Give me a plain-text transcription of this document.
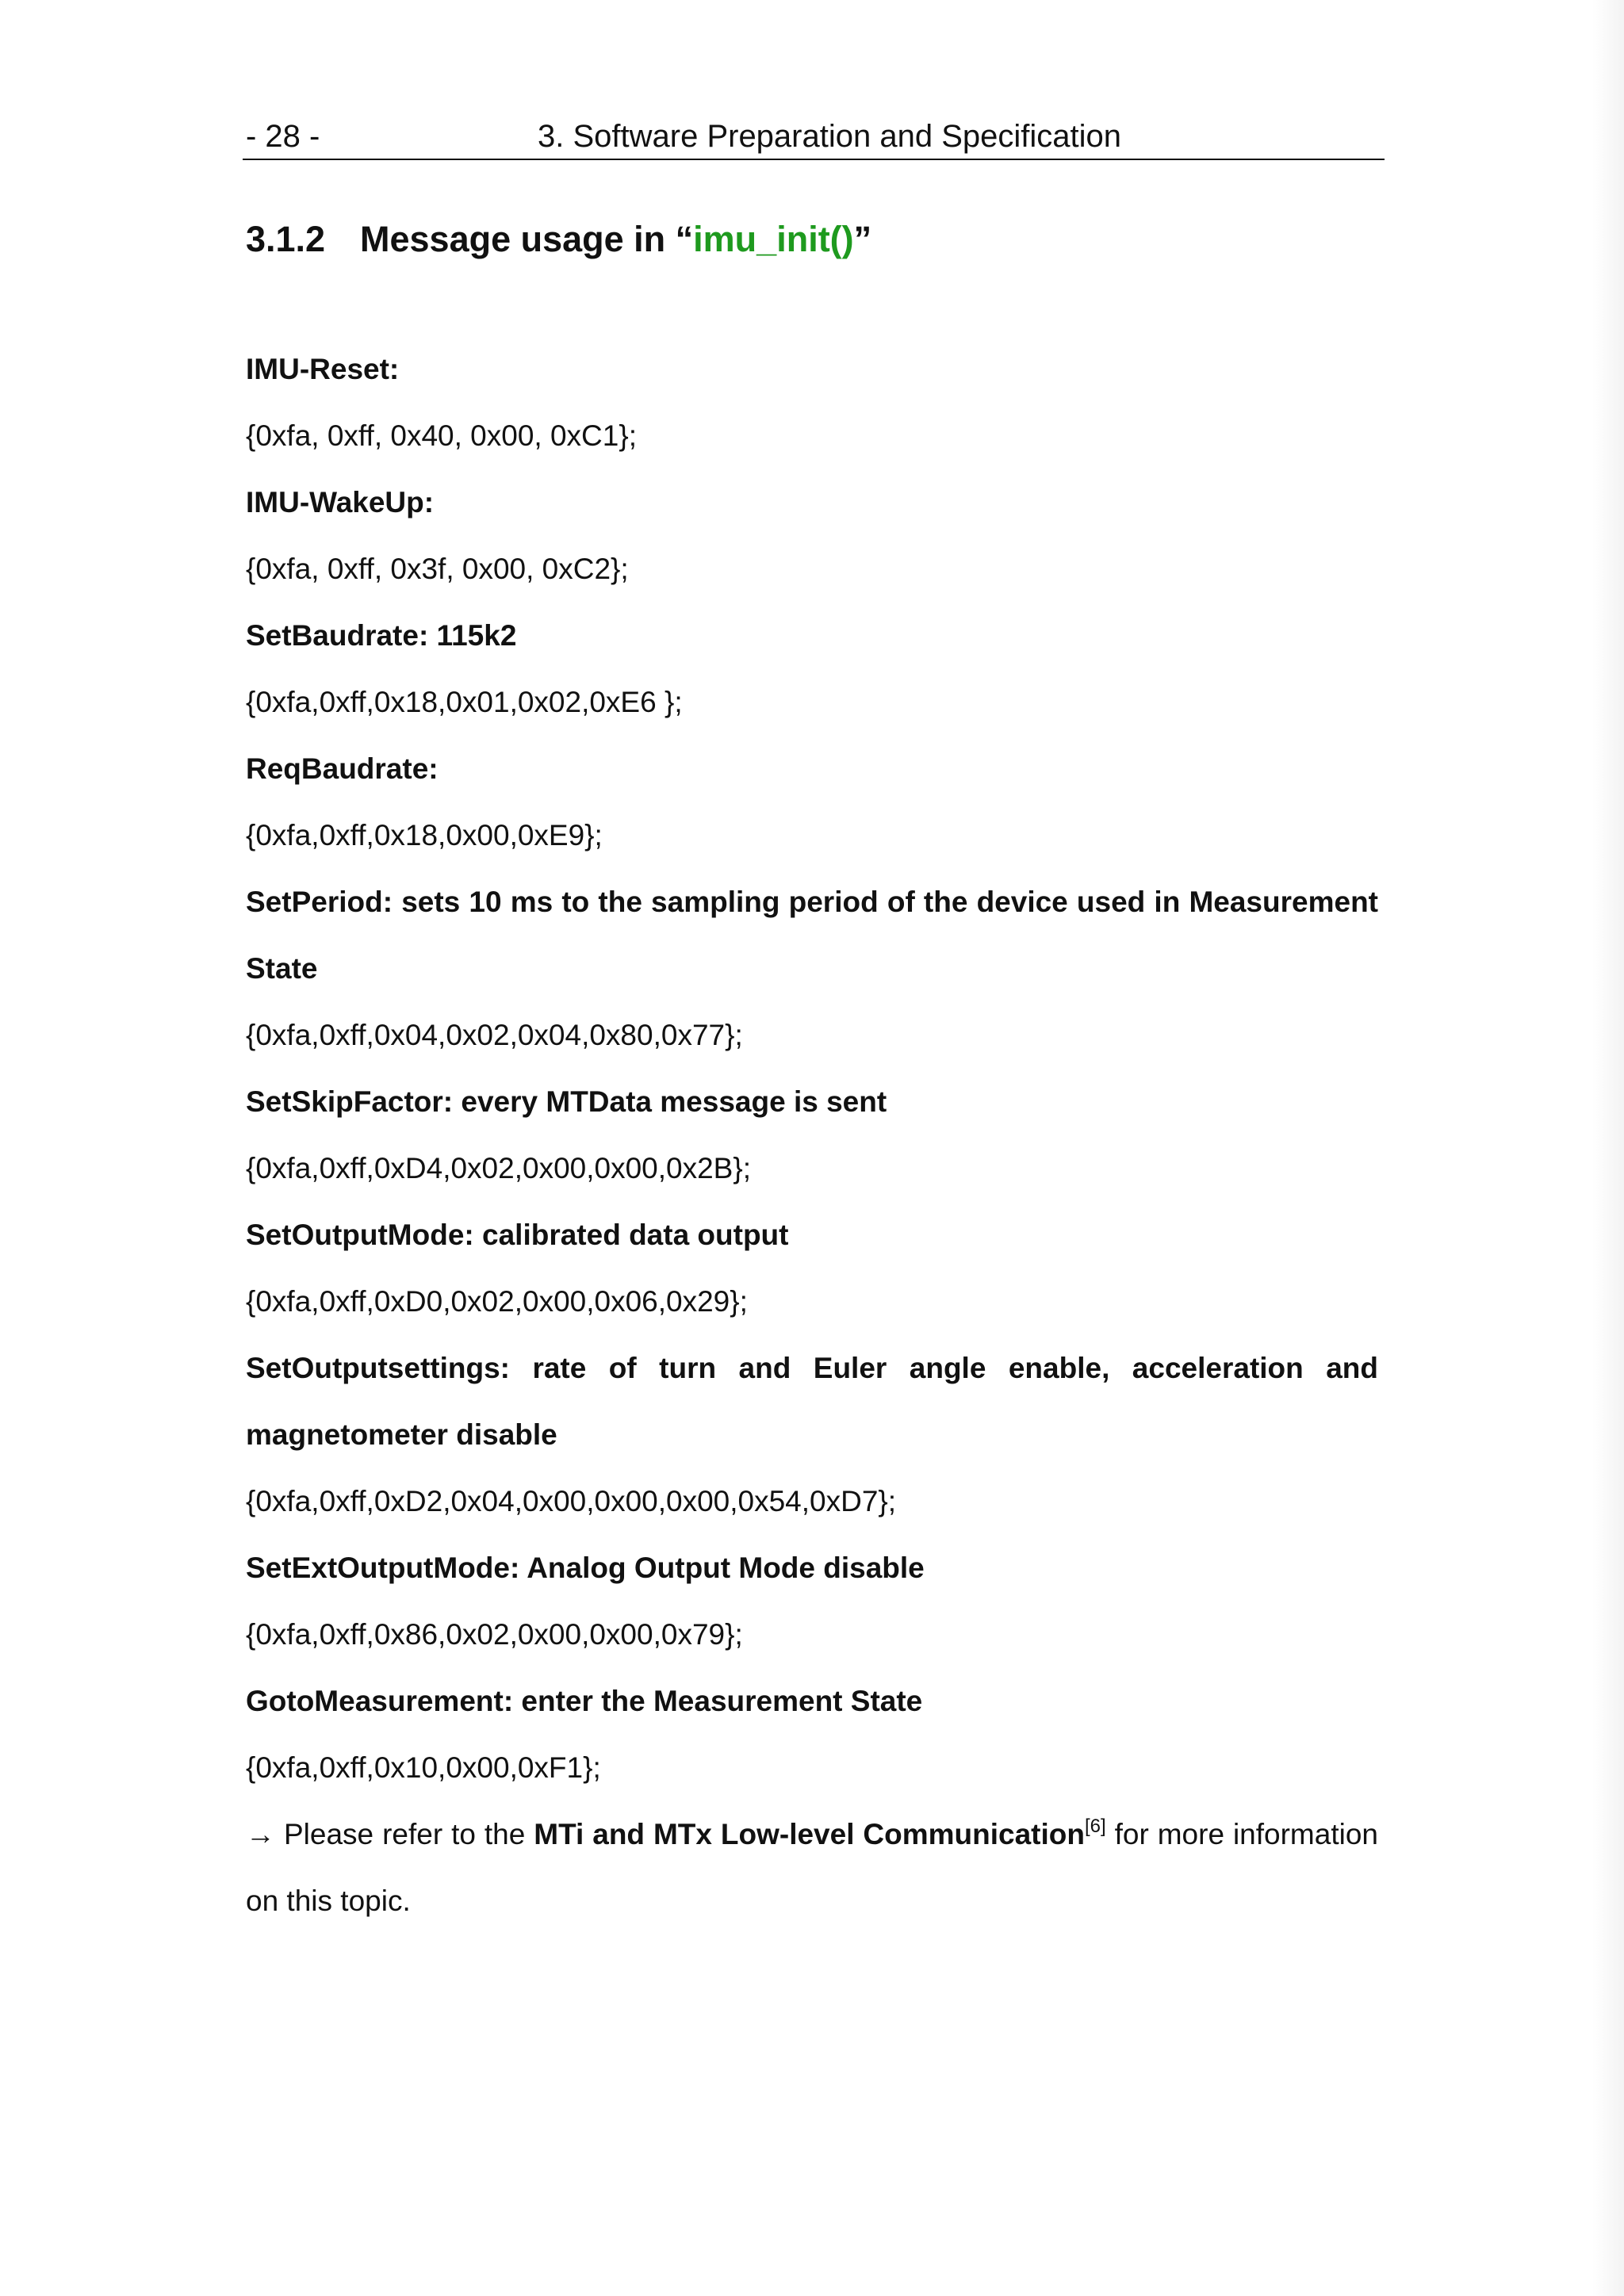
- 28 -	3. Software Preparation and Specification
3.1.2 Message usage in “imu_init()”
IMU-Reset:
{0xfa, 0xff, 0x40, 0x00, 0xC1};
IMU-WakeUp:
{0xfa, 0xff, 0x3f, 0x00, 0xC2};
SetBaudrate: 115k2
{0xfa,0xff,0x18,0x01,0x02,0xE6 };
ReqBaudrate:
{0xfa,0xff,0x18,0x00,0xE9};
SetPeriod: sets 10 ms to the sampling period of the device used in Measurement State
{0xfa,0xff,0x04,0x02,0x04,0x80,0x77};
SetSkipFactor: every MTData message is sent
{0xfa,0xff,0xD4,0x02,0x00,0x00,0x2B};
SetOutputMode: calibrated data output
{0xfa,0xff,0xD0,0x02,0x00,0x06,0x29};
SetOutputsettings: rate of turn and Euler angle enable, acceleration and magnetometer disable
{0xfa,0xff,0xD2,0x04,0x00,0x00,0x00,0x54,0xD7};
SetExtOutputMode: Analog Output Mode disable
{0xfa,0xff,0x86,0x02,0x00,0x00,0x79};
GotoMeasurement: enter the Measurement State
{0xfa,0xff,0x10,0x00,0xF1};
→ Please refer to the MTi and MTx Low-level Communication[6] for more information on this topic.
